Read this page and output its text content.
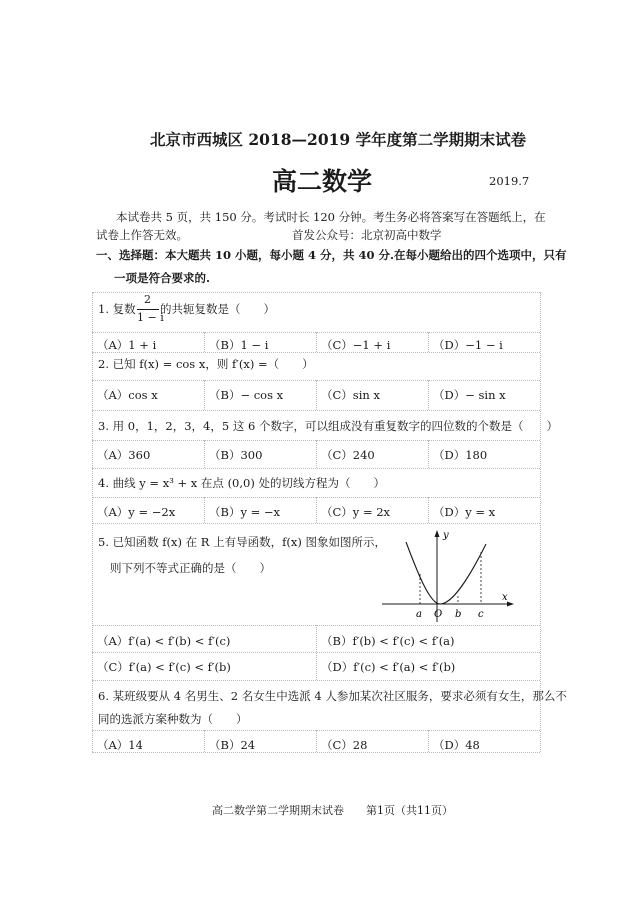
北京市西城区 2018—2019 学年度第二学期期末试卷
高二数学	2019.7
本试卷共 5 页，共 150 分。考试时长 120 分钟。考生务必将答案写在答题纸上，在
试卷上作答无效。	首发公众号：北京初高中数学
一、选择题：本大题共 10 小题，每小题 4 分，共 40 分.在每小题给出的四个选项中，只有
一项是符合要求的.
1. 复数
2
1 − i
的共轭复数是（　　）
（A）1 + i	（B）1 − i	（C）−1 + i	（D）−1 − i
2. 已知 f(x) = cos x，则 f′(x) =（　　）
（A）cos x	（B）− cos x	（C）sin x	（D）− sin x
3. 用 0，1，2，3，4，5 这 6 个数字，可以组成没有重复数字的四位数的个数是（　　）
（A）360	（B）300	（C）240	（D）180
4. 曲线 y = x³ + x 在点 (0,0) 处的切线方程为（　　）
（A）y = −2x	（B）y = −x	（C）y = 2x	（D）y = x
5. 已知函数 f(x) 在 R 上有导函数，f(x) 图象如图所示，
则下列不等式正确的是（　　）
y
x
a O b c
（A）f′(a) < f′(b) < f′(c)	（B）f′(b) < f′(c) < f′(a)
（C）f′(a) < f′(c) < f′(b)	（D）f′(c) < f′(a) < f′(b)
6. 某班级要从 4 名男生、2 名女生中选派 4 人参加某次社区服务，要求必须有女生，那么不
同的选派方案种数为（　　）
（A）14	（B）24	（C）28	（D）48
高二数学第二学期期末试卷　　第1页（共11页）
